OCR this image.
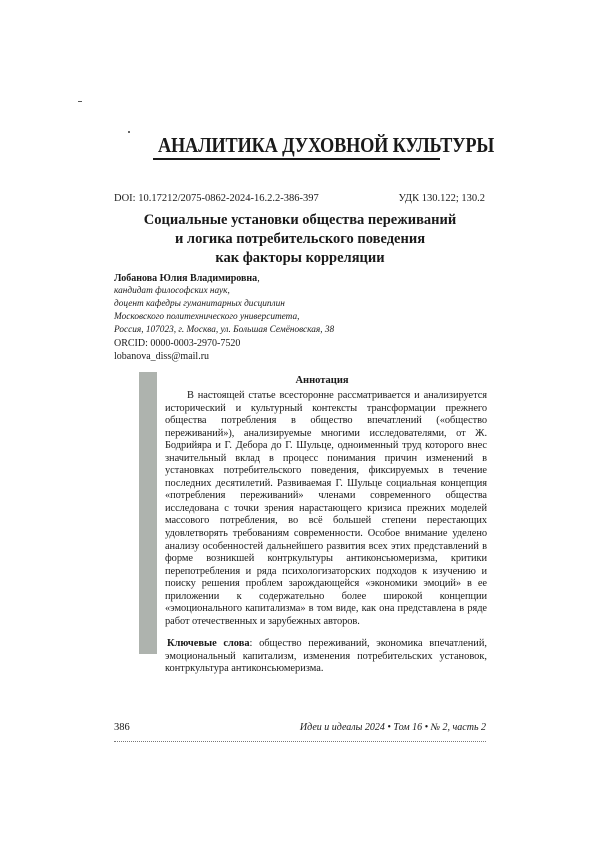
АНАЛИТИКА ДУХОВНОЙ КУЛЬТУРЫ
DOI: 10.17212/2075-0862-2024-16.2.2-386-397	УДК 130.122; 130.2
Социальные установки общества переживаний
и логика потребительского поведения
как факторы корреляции
Лобанова Юлия Владимировна,
кандидат философских наук,
доцент кафедры гуманитарных дисциплин
Московского политехнического университета,
Россия, 107023, г. Москва, ул. Большая Семёновская, 38
ORCID: 0000-0003-2970-7520
lobanova_diss@mail.ru
Аннотация

В настоящей статье всесторонне рассматривается и анализируется исторический и культурный контексты трансформации прежнего общества потребления в общество впечатлений («общество переживаний»), анализируемые многими исследователями, от Ж. Бодрийяра и Г. Дебора до Г. Шульце, одноименный труд которого внес значительный вклад в процесс понимания причин изменений в установках потребительского поведения, фиксируемых в течение последних десятилетий. Развиваемая Г. Шульце социальная концепция «потребления переживаний» членами современного общества исследована с точки зрения нарастающего кризиса прежних моделей массового потребления, во всё большей степени перестающих удовлетворять требованиям современности. Особое внимание уделено анализу особенностей дальнейшего развития всех этих представлений в форме возникшей контркультуры антиконсьюмеризма, критики перепотребления и ряда психологизаторских подходов к изучению и поиску решения проблем зарождающейся «экономики эмоций» в ее приложении к содержательно более широкой концепции «эмоционального капитализма» в том виде, как она представлена в ряде работ отечественных и зарубежных авторов.

Ключевые слова: общество переживаний, экономика впечатлений, эмоциональный капитализм, изменения потребительских установок, контркультура антиконсьюмеризма.

386	Идеи и идеалы 2024 • Том 16 • № 2, часть 2
